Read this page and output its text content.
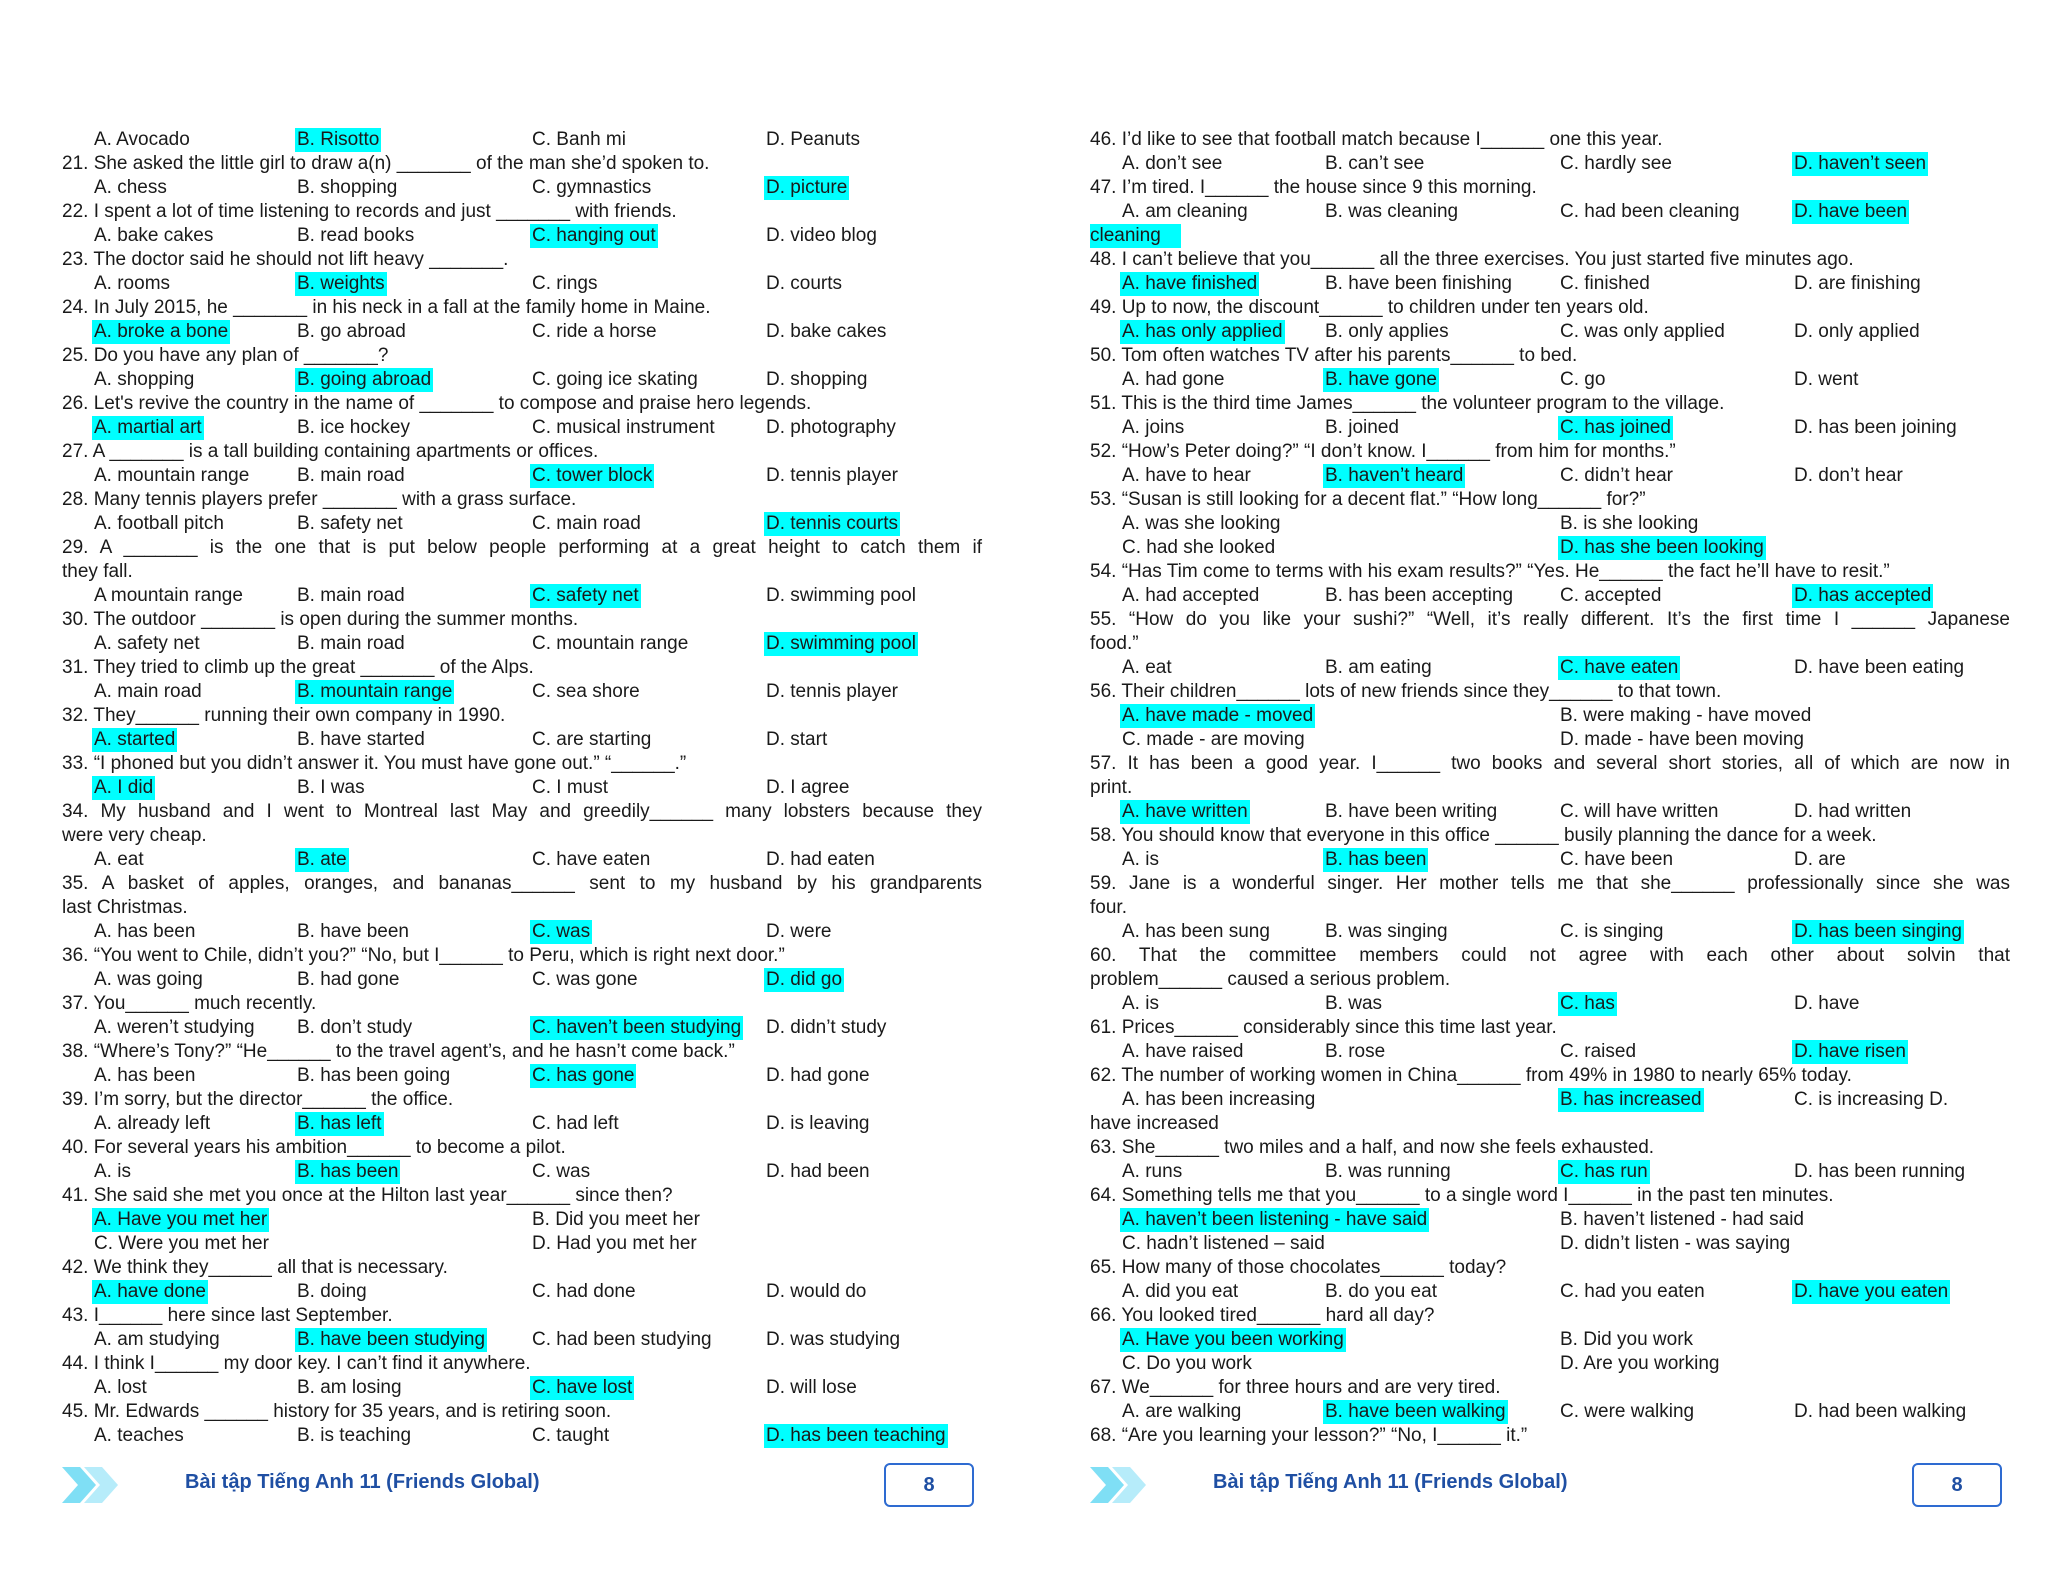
A. Avocado	B. Risotto	C. Banh mi	D. Peanuts
21. She asked the little girl to draw a(n) _______ of the man she’d spoken to.
A. chess	B. shopping	C. gymnastics	D. picture
22. I spent a lot of time listening to records and just _______ with friends.
A. bake cakes	B. read books	C. hanging out	D. video blog
23. The doctor said he should not lift heavy _______.
A. rooms	B. weights	C. rings	D. courts
24. In July 2015, he _______ in his neck in a fall at the family home in Maine.
A. broke a bone	B. go abroad	C. ride a horse	D. bake cakes
25. Do you have any plan of _______?
A. shopping	B. going abroad	C. going ice skating	D. shopping
26. Let's revive the country in the name of _______ to compose and praise hero legends.
A. martial art	B. ice hockey	C. musical instrument	D. photography
27. A _______ is a tall building containing apartments or offices.
A. mountain range	B. main road	C. tower block	D. tennis player
28. Many tennis players prefer _______ with a grass surface.
A. football pitch	B. safety net	C. main road	D. tennis courts
29. A _______ is the one that is put below people performing at a great height to catch them if
they fall.
A mountain range	B. main road	C. safety net	D. swimming pool
30. The outdoor _______ is open during the summer months.
A. safety net	B. main road	C. mountain range	D. swimming pool
31. They tried to climb up the great _______ of the Alps.
A. main road	B. mountain range	C. sea shore	D. tennis player
32. They______ running their own company in 1990.
A. started	B. have started	C. are starting	D. start
33. “I phoned but you didn’t answer it. You must have gone out.” “______.”
A. I did	B. I was	C. I must	D. I agree
34. My husband and I went to Montreal last May and greedily______ many lobsters because they
were very cheap.
A. eat	B. ate	C. have eaten	D. had eaten
35. A basket of apples, oranges, and bananas______ sent to my husband by his grandparents
last Christmas.
A. has been	B. have been	C. was	D. were
36. “You went to Chile, didn’t you?” “No, but I______ to Peru, which is right next door.”
A. was going	B. had gone	C. was gone	D. did go
37. You______ much recently.
A. weren’t studying B. don’t study	C. haven’t been studying D. didn’t study
38. “Where’s Tony?” “He______ to the travel agent’s, and he hasn’t come back.”
A. has been	B. has been going	C. has gone	D. had gone
39. I’m sorry, but the director______ the office.
A. already left	B. has left	C. had left	D. is leaving
40. For several years his ambition______ to become a pilot.
A. is	B. has been	C. was	D. had been
41. She said she met you once at the Hilton last year______ since then?
A. Have you met her	B. Did you meet her
C. Were you met her	D. Had you met her
42. We think they______ all that is necessary.
A. have done	B. doing	C. had done	D. would do
43. I______ here since last September.
A. am studying	B. have been studying C. had been studying	D. was studying
44. I think I______ my door key. I can’t find it anywhere.
A. lost	B. am losing	C. have lost	D. will lose
45. Mr. Edwards ______ history for 35 years, and is retiring soon.
A. teaches	B. is teaching	C. taught	D. has been teaching
46. I’d like to see that football match because I______ one this year.
A. don’t see	B. can’t see	C. hardly see	D. haven’t seen
47. I’m tired. I______ the house since 9 this morning.
A. am cleaning	B. was cleaning	C. had been cleaning	D. have been
cleaning
48. I can’t believe that you______ all the three exercises. You just started five minutes ago.
A. have finished	B. have been finishing	C. finished	D. are finishing
49. Up to now, the discount______ to children under ten years old.
A. has only applied B. only applies	C. was only applied	D. only applied
50. Tom often watches TV after his parents______ to bed.
A. had gone	B. have gone	C. go	D. went
51. This is the third time James______ the volunteer program to the village.
A. joins	B. joined	C. has joined	D. has been joining
52. “How’s Peter doing?” “I don’t know. I______ from him for months.”
A. have to hear	B. haven’t heard	C. didn’t hear	D. don’t hear
53. “Susan is still looking for a decent flat.” “How long______ for?”
A. was she looking	B. is she looking
C. had she looked	D. has she been looking
54. “Has Tim come to terms with his exam results?” “Yes. He______ the fact he’ll have to resit.”
A. had accepted	B. has been accepting C. accepted	D. has accepted
55. “How do you like your sushi?” “Well, it’s really different. It’s the first time I ______ Japanese
food.”
A. eat	B. am eating	C. have eaten	D. have been eating
56. Their children______ lots of new friends since they______ to that town.
A. have made - moved	B. were making - have moved
C. made - are moving	D. made - have been moving
57. It has been a good year. I______ two books and several short stories, all of which are now in
print.
A. have written	B. have been writing	C. will have written	D. had written
58. You should know that everyone in this office ______ busily planning the dance for a week.
A. is	B. has been	C. have been	D. are
59. Jane is a wonderful singer. Her mother tells me that she______ professionally since she was
four.
A. has been sung	B. was singing	C. is singing	D. has been singing
60. That the committee members could not agree with each other about solvin that
problem______ caused a serious problem.
A. is	B. was	C. has	D. have
61. Prices______ considerably since this time last year.
A. have raised	B. rose	C. raised	D. have risen
62. The number of working women in China______ from 49% in 1980 to nearly 65% today.
A. has been increasing	B. has increased	C. is increasing D.
have increased
63. She______ two miles and a half, and now she feels exhausted.
A. runs	B. was running	C. has run	D. has been running
64. Something tells me that you______ to a single word I______ in the past ten minutes.
A. haven’t been listening - have said	B. haven’t listened - had said
C. hadn’t listened – said	D. didn’t listen - was saying
65. How many of those chocolates______ today?
A. did you eat	B. do you eat	C. had you eaten	D. have you eaten
66. You looked tired______ hard all day?
A. Have you been working	B. Did you work
C. Do you work	D. Are you working
67. We______ for three hours and are very tired.
A. are walking	B. have been walking	C. were walking	D. had been walking
68. “Are you learning your lesson?” “No, I______ it.”
Bài tập Tiếng Anh 11 (Friends Global)	8	Bài tập Tiếng Anh 11 (Friends Global)	8
